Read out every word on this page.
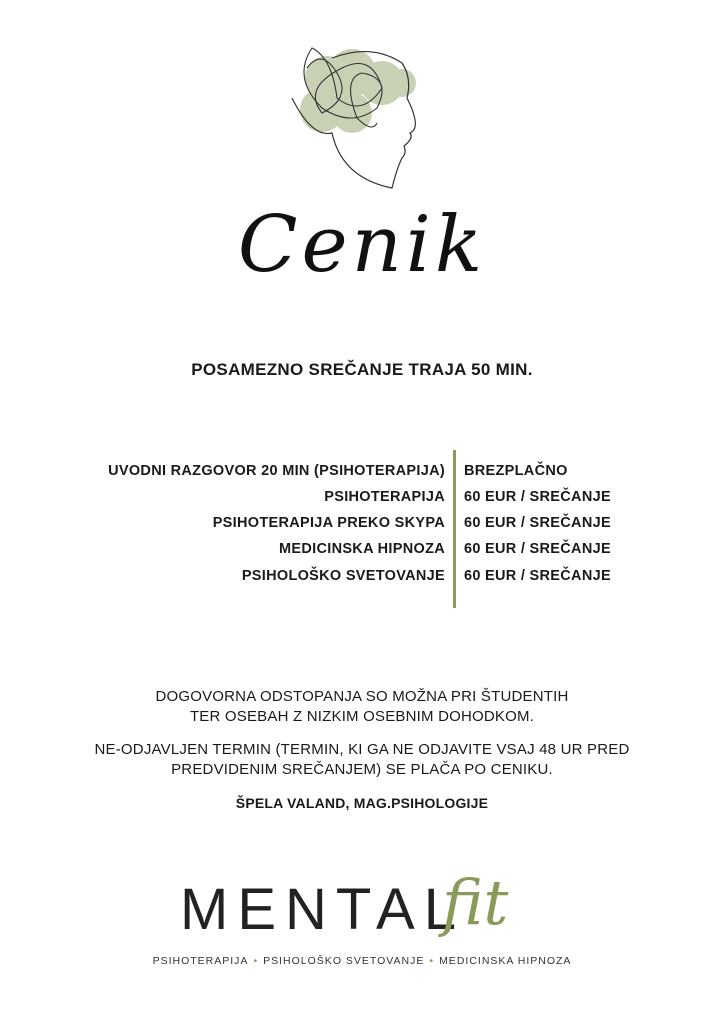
Cenik
POSAMEZNO SREČANJE TRAJA 50 MIN.
UVODNI RAZGOVOR 20 MIN (PSIHOTERAPIJA) BREZPLAČNO
PSIHOTERAPIJA 60 EUR / SREČANJE
PSIHOTERAPIJA PREKO SKYPA 60 EUR / SREČANJE
MEDICINSKA HIPNOZA 60 EUR / SREČANJE
PSIHOLOŠKO SVETOVANJE 60 EUR / SREČANJE
DOGOVORNA ODSTOPANJA SO MOŽNA PRI ŠTUDENTIH
TER OSEBAH Z NIZKIM OSEBNIM DOHODKOM.
NE-ODJAVLJEN TERMIN (TERMIN, KI GA NE ODJAVITE VSAJ 48 UR PRED
PREDVIDENIM SREČANJEM) SE PLAČA PO CENIKU.
ŠPELA VALAND, MAG.PSIHOLOGIJE
MENTAL
fit
PSIHOTERAPIJA • PSIHOLOŠKO SVETOVANJE • MEDICINSKA HIPNOZA
